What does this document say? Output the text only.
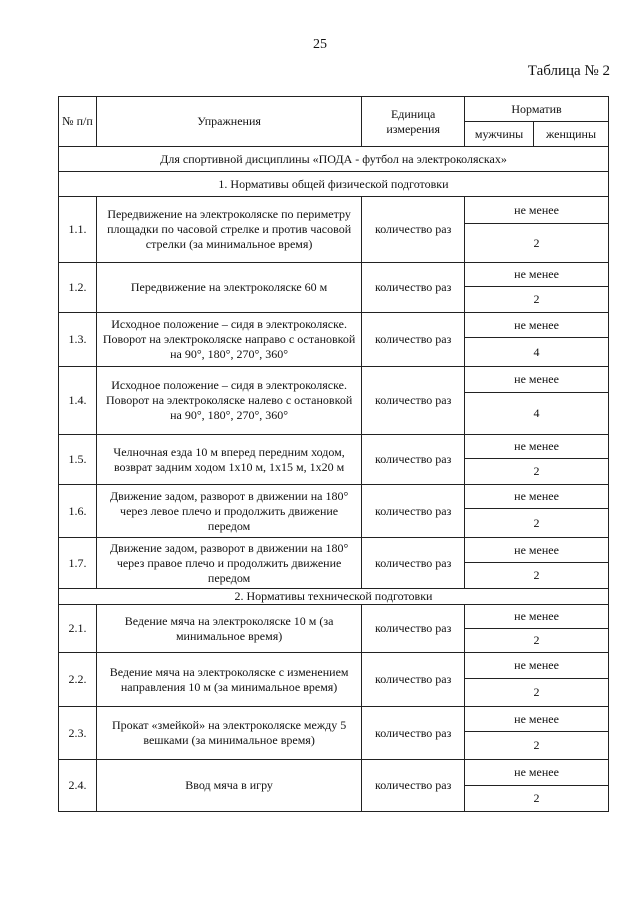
25
Таблица № 2
№ п/п	Упражнения	Единица измерения	Норматив	
			мужчины	женщины
Для спортивной дисциплины «ПОДА - футбол на электроколясках»				
1. Нормативы общей физической подготовки				
1.1.	Передвижение на электроколяске по периметру площадки по часовой стрелке и против часовой стрелки (за минимальное время)	количество раз	не менее	
			2	
1.2.	Передвижение на электроколяске 60 м	количество раз	не менее	
			2	
1.3.	Исходное положение – сидя в электроколяске. Поворот на электроколяске направо с остановкой на 90°, 180°, 270°, 360°	количество раз	не менее	
			4	
1.4.	Исходное положение – сидя в электроколяске. Поворот на электроколяске налево с остановкой на 90°, 180°, 270°, 360°	количество раз	не менее	
			4	
1.5.	Челночная езда 10 м вперед передним ходом, возврат задним ходом 1x10 м, 1x15 м, 1x20 м	количество раз	не менее	
			2	
1.6.	Движение задом, разворот в движении на 180° через левое плечо и продолжить движение передом	количество раз	не менее	
			2	
1.7.	Движение задом, разворот в движении на 180° через правое плечо и продолжить движение передом	количество раз	не менее	
			2	
2. Нормативы технической подготовки				
2.1.	Ведение мяча на электроколяске 10 м (за минимальное время)	количество раз	не менее	
			2	
2.2.	Ведение мяча на электроколяске с изменением направления 10 м (за минимальное время)	количество раз	не менее	
			2	
2.3.	Прокат «змейкой» на электроколяске между 5 вешками (за минимальное время)	количество раз	не менее	
			2	
2.4.	Ввод мяча в игру	количество раз	не менее	
			2	
